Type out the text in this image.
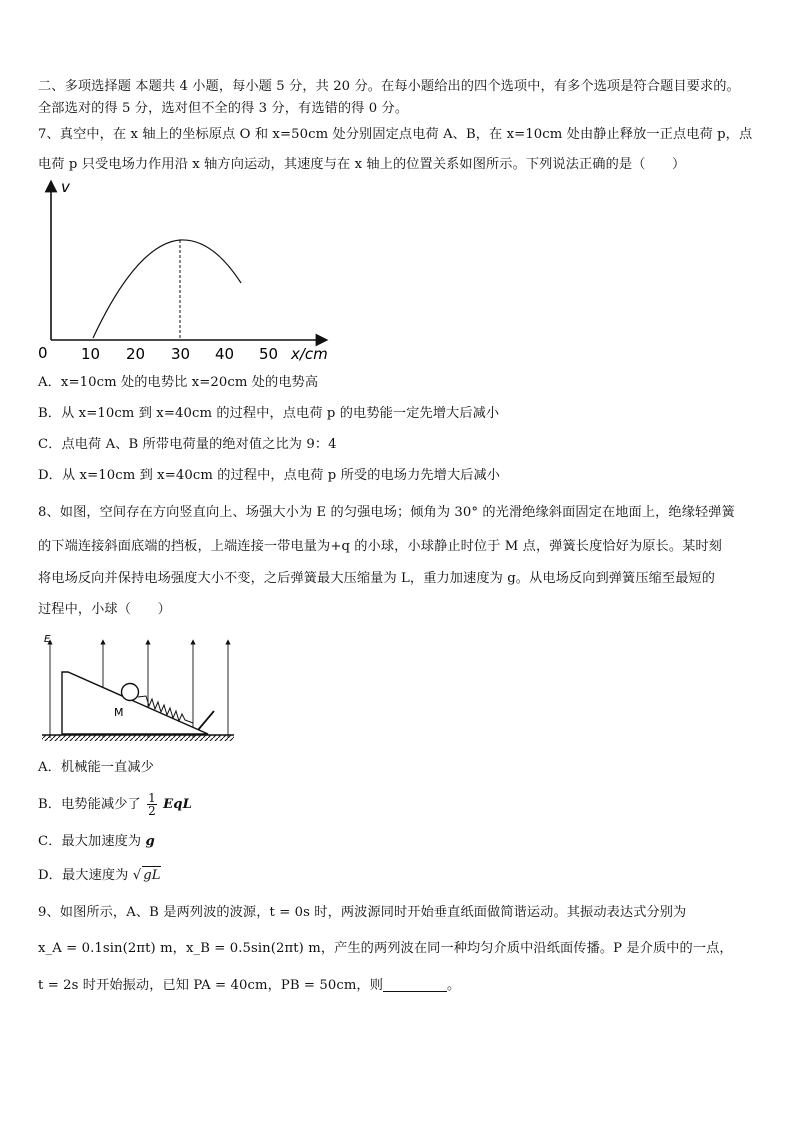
二、多项选择题 本题共 4 小题，每小题 5 分，共 20 分。在每小题给出的四个选项中，有多个选项是符合题目要求的。
全部选对的得 5 分，选对但不全的得 3 分，有选错的得 0 分。
7、真空中，在 x 轴上的坐标原点 O 和 x=50cm 处分别固定点电荷 A、B，在 x=10cm 处由静止释放一正点电荷 p，点
电荷 p 只受电场力作用沿 x 轴方向运动，其速度与在 x 轴上的位置关系如图所示。下列说法正确的是（　　）
v
0 10 20 30 40 50 x/cm
A．x=10cm 处的电势比 x=20cm 处的电势高
B．从 x=10cm 到 x=40cm 的过程中，点电荷 p 的电势能一定先增大后减小
C．点电荷 A、B 所带电荷量的绝对值之比为 9：4
D．从 x=10cm 到 x=40cm 的过程中，点电荷 p 所受的电场力先增大后减小
8、如图，空间存在方向竖直向上、场强大小为 E 的匀强电场；倾角为 30° 的光滑绝缘斜面固定在地面上，绝缘轻弹簧
的下端连接斜面底端的挡板，上端连接一带电量为+q 的小球，小球静止时位于 M 点，弹簧长度恰好为原长。某时刻
将电场反向并保持电场强度大小不变，之后弹簧最大压缩量为 L，重力加速度为 g。从电场反向到弹簧压缩至最短的
过程中，小球（　　）
E
M
A．机械能一直减少
B．电势能减少了 $\frac{1}{2}$ EqL
C．最大加速度为 g
D．最大速度为 √ gL
9、如图所示，A、B 是两列波的波源，t = 0s 时，两波源同时开始垂直纸面做简谐运动。其振动表达式分别为
x_A = 0.1sin(2πt) m，x_B = 0.5sin(2πt) m，产生的两列波在同一种均匀介质中沿纸面传播。P 是介质中的一点，
t = 2s 时开始振动，已知 PA = 40cm，PB = 50cm，则	。
